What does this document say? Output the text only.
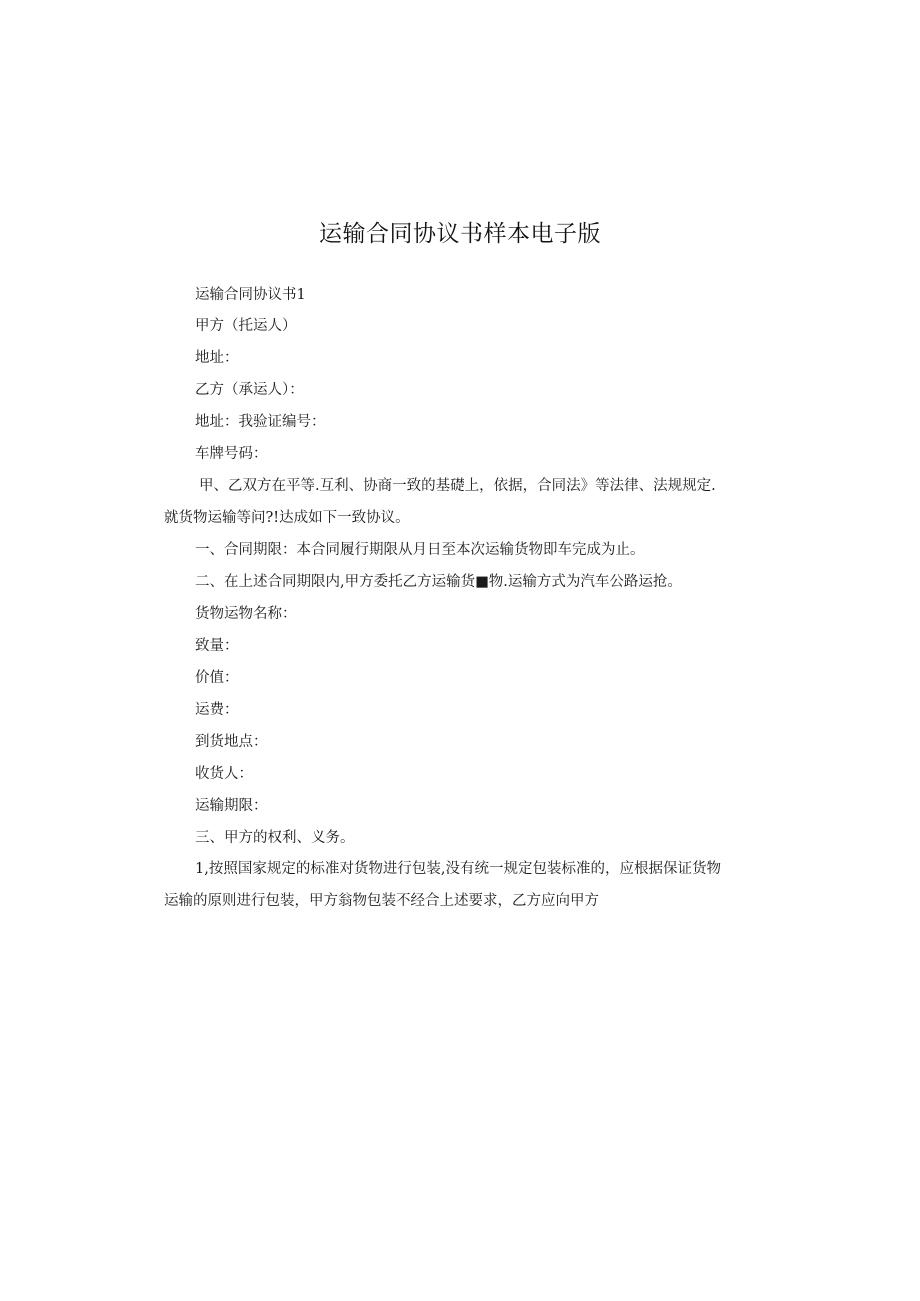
运输合同协议书样本电子版

运输合同协议书1

甲方（托运人）

地址：

乙方（承运人）：

地址：我验证编号：

车牌号码：

甲、乙双方在平等.互利、协商一致的基礎上，依据，合同法》等法律、法规规定.

就货物运输等问?!达成如下一致协议。

一、合同期限：本合同履行期限从月日至本次运输货物即车完成为止。

二、在上述合同期限内,甲方委托乙方运输货■物.运输方式为汽车公路运抢。

货物运物名称：

致量：

价值：

运费：

到货地点：

收货人：

运输期限：

三、甲方的权利、义务。

1,按照国家规定的标准对货物进行包装,没有统一规定包装标准的，应根据保证货物

运输的原则进行包装，甲方翁物包装不经合上述要求，乙方应向甲方
